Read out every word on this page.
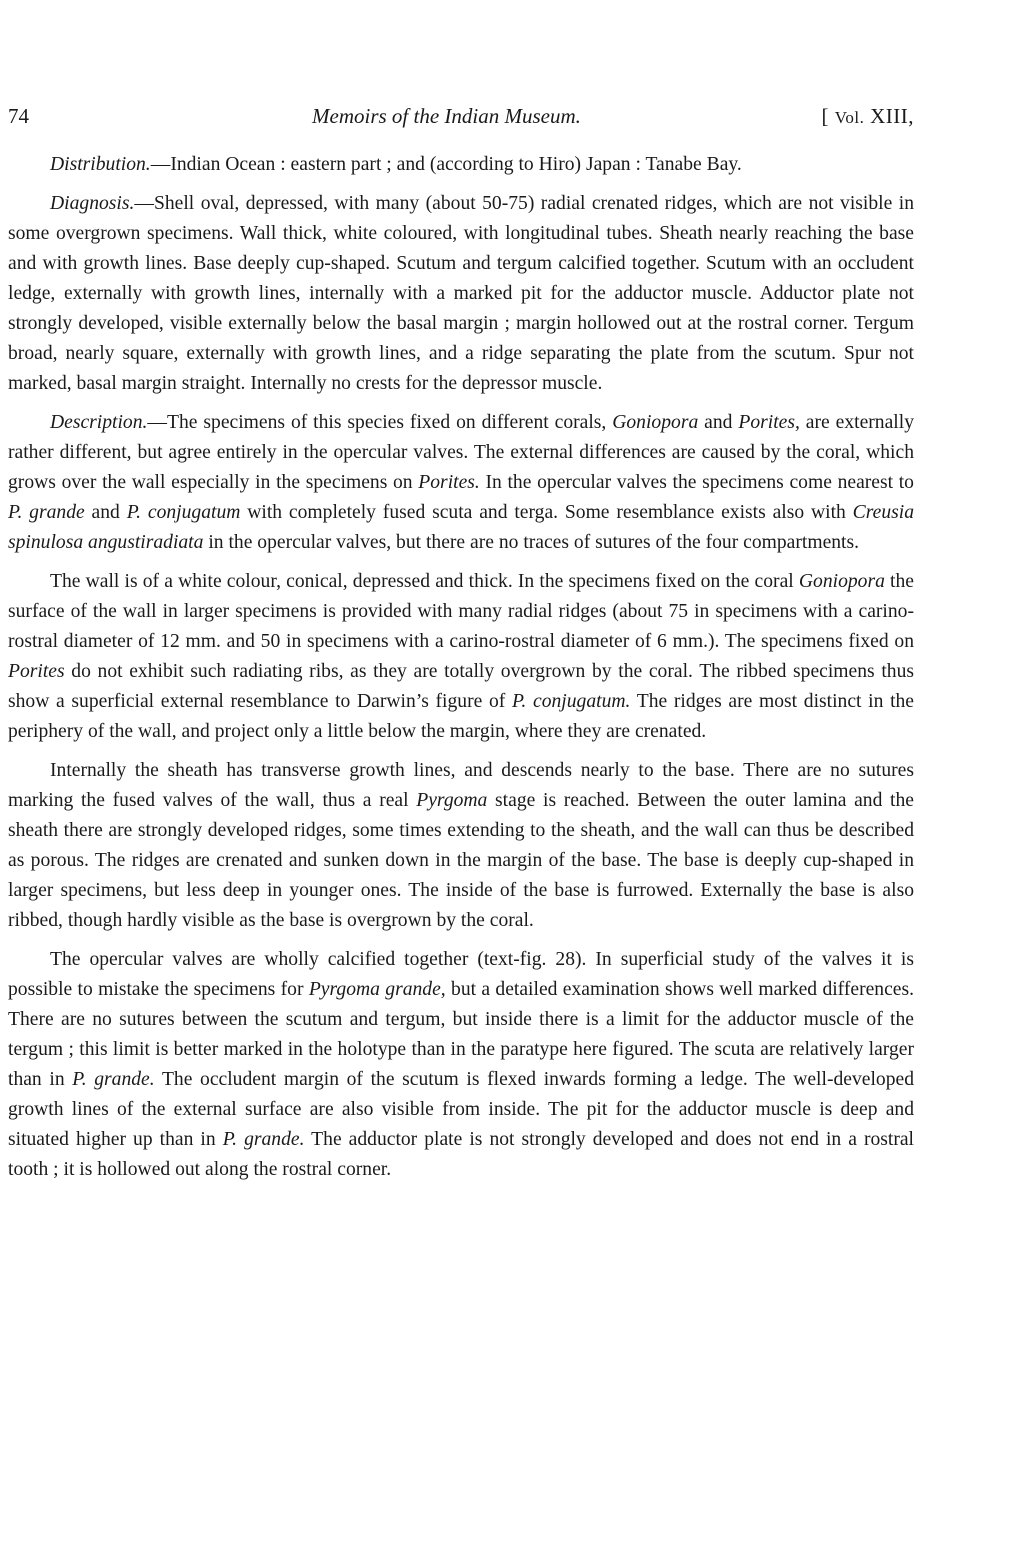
74	Memoirs of the Indian Museum.	[ Vol. XIII,

Distribution.—Indian Ocean : eastern part ; and (according to Hiro) Japan : Tanabe Bay.

Diagnosis.—Shell oval, depressed, with many (about 50-75) radial crenated ridges, which are not visible in some overgrown specimens. Wall thick, white coloured, with longitudinal tubes. Sheath nearly reaching the base and with growth lines. Base deeply cup-shaped. Scutum and tergum calcified together. Scutum with an occludent ledge, externally with growth lines, internally with a marked pit for the adductor muscle. Adductor plate not strongly developed, visible externally below the basal margin ; margin hollowed out at the rostral corner. Tergum broad, nearly square, externally with growth lines, and a ridge separating the plate from the scutum. Spur not marked, basal margin straight. Internally no crests for the depressor muscle.

Description.—The specimens of this species fixed on different corals, Goniopora and Porites, are externally rather different, but agree entirely in the opercular valves. The external differences are caused by the coral, which grows over the wall especially in the specimens on Porites. In the opercular valves the specimens come nearest to P. grande and P. conjugatum with completely fused scuta and terga. Some resemblance exists also with Creusia spinulosa angustiradiata in the opercular valves, but there are no traces of sutures of the four compartments.

The wall is of a white colour, conical, depressed and thick. In the specimens fixed on the coral Goniopora the surface of the wall in larger specimens is provided with many radial ridges (about 75 in specimens with a carino-rostral diameter of 12 mm. and 50 in specimens with a carino-rostral diameter of 6 mm.). The specimens fixed on Porites do not exhibit such radiating ribs, as they are totally overgrown by the coral. The ribbed specimens thus show a superficial external resemblance to Darwin’s figure of P. conjugatum. The ridges are most distinct in the periphery of the wall, and project only a little below the margin, where they are crenated.

Internally the sheath has transverse growth lines, and descends nearly to the base. There are no sutures marking the fused valves of the wall, thus a real Pyrgoma stage is reached. Between the outer lamina and the sheath there are strongly developed ridges, some times extending to the sheath, and the wall can thus be described as porous. The ridges are crenated and sunken down in the margin of the base. The base is deeply cup-shaped in larger specimens, but less deep in younger ones. The inside of the base is furrowed. Externally the base is also ribbed, though hardly visible as the base is overgrown by the coral.

The opercular valves are wholly calcified together (text-fig. 28). In superficial study of the valves it is possible to mistake the specimens for Pyrgoma grande, but a detailed examination shows well marked differences. There are no sutures between the scutum and tergum, but inside there is a limit for the adductor muscle of the tergum ; this limit is better marked in the holotype than in the paratype here figured. The scuta are relatively larger than in P. grande. The occludent margin of the scutum is flexed inwards forming a ledge. The well-developed growth lines of the external surface are also visible from inside. The pit for the adductor muscle is deep and situated higher up than in P. grande. The adductor plate is not strongly developed and does not end in a rostral tooth ; it is hollowed out along the rostral corner.
